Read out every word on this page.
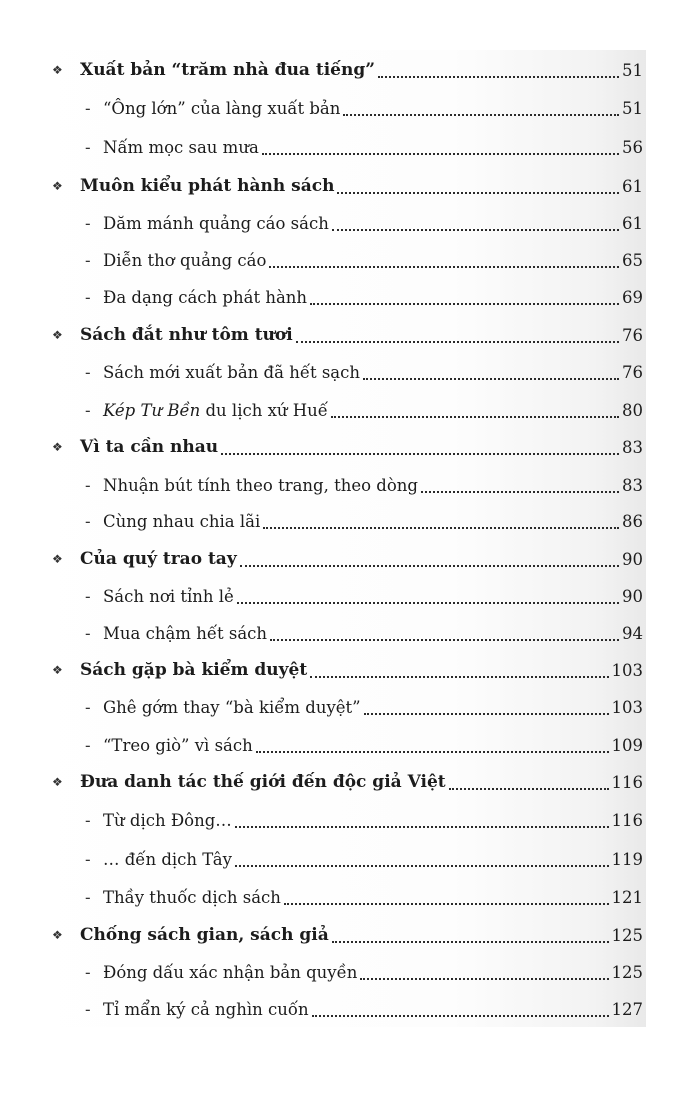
❖	Xuất bản “trăm nhà đua tiếng”	51
- “Ông lớn” của làng xuất bản	51
- Nấm mọc sau mưa	56
❖	Muôn kiểu phát hành sách	61
- Dăm mánh quảng cáo sách	61
- Diễn thơ quảng cáo	65
- Đa dạng cách phát hành	69
❖	Sách đắt như tôm tươi	76
- Sách mới xuất bản đã hết sạch	76
- Kép Tư Bền du lịch xứ Huế	80
❖	Vì ta cần nhau	83
- Nhuận bút tính theo trang, theo dòng	83
- Cùng nhau chia lãi	86
❖	Của quý trao tay	90
- Sách nơi tỉnh lẻ	90
- Mua chậm hết sách	94
❖	Sách gặp bà kiểm duyệt	103
- Ghê gớm thay “bà kiểm duyệt”	103
- “Treo giò” vì sách	109
❖	Đưa danh tác thế giới đến độc giả Việt	116
- Từ dịch Đông…	116
- … đến dịch Tây	119
- Thầy thuốc dịch sách	121
❖	Chống sách gian, sách giả	125
- Đóng dấu xác nhận bản quyền	125
- Tỉ mẩn ký cả nghìn cuốn	127
